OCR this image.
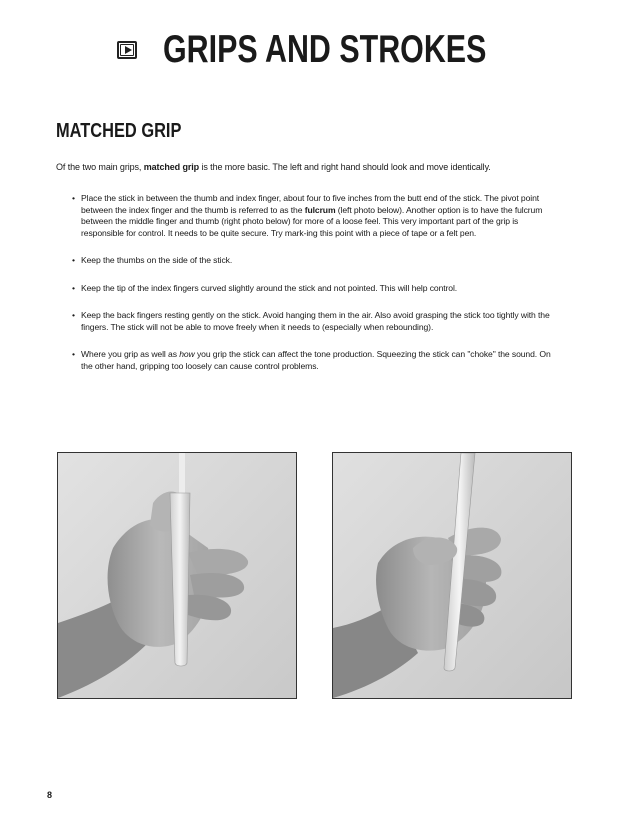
GRIPS AND STROKES
MATCHED GRIP
Of the two main grips, matched grip is the more basic. The left and right hand should look and move identically.
• Place the stick in between the thumb and index finger, about four to five inches from the butt end of the stick. The pivot point between the index finger and the thumb is referred to as the fulcrum (left photo below). Another option is to have the fulcrum between the middle finger and thumb (right photo below) for more of a loose feel. This very important part of the grip is responsible for control. It needs to be quite secure. Try mark-ing this point with a piece of tape or a felt pen.
• Keep the thumbs on the side of the stick.
• Keep the tip of the index fingers curved slightly around the stick and not pointed. This will help control.
• Keep the back fingers resting gently on the stick. Avoid hanging them in the air. Also avoid grasping the stick too tightly with the fingers. The stick will not be able to move freely when it needs to (especially when rebounding).
• Where you grip as well as how you grip the stick can affect the tone production. Squeezing the stick can "choke" the sound. On the other hand, gripping too loosely can cause control problems.
8
